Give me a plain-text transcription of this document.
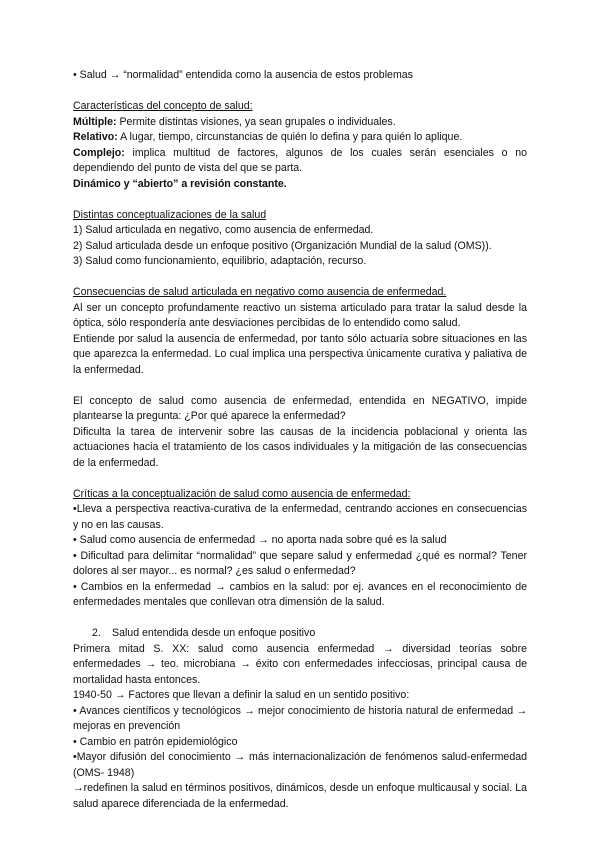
• Salud → “normalidad” entendida como la ausencia de estos problemas

Características del concepto de salud:

Múltiple: Permite distintas visiones, ya sean grupales o individuales.

Relativo: A lugar, tiempo, circunstancias de quién lo defina y para quién lo aplique.

Complejo: implica multitud de factores, algunos de los cuales serán esenciales o no dependiendo del punto de vista del que se parta.

Dinámico y “abierto” a revisión constante.

Distintas conceptualizaciones de la salud

1) Salud articulada en negativo, como ausencia de enfermedad.

2) Salud articulada desde un enfoque positivo (Organización Mundial de la salud (OMS)).

3) Salud como funcionamiento, equilibrio, adaptación, recurso.

Consecuencias de salud articulada en negativo como ausencia de enfermedad.

Al ser un concepto profundamente reactivo un sistema articulado para tratar la salud desde la óptica, sólo respondería ante desviaciones percibidas de lo entendido como salud.

Entiende por salud la ausencia de enfermedad, por tanto sólo actuaría sobre situaciones en las que aparezca la enfermedad. Lo cual implica una perspectiva únicamente curativa y paliativa de la enfermedad.

El concepto de salud como ausencia de enfermedad, entendida en NEGATIVO, impide plantearse la pregunta: ¿Por qué aparece la enfermedad?

Dificulta la tarea de intervenir sobre las causas de la incidencia poblacional y orienta las actuaciones hacia el tratamiento de los casos individuales y la mitigación de las consecuencias de la enfermedad.

Críticas a la conceptualización de salud como ausencia de enfermedad:

•Lleva a perspectiva reactiva-curativa de la enfermedad, centrando acciones en consecuencias y no en las causas.

• Salud como ausencia de enfermedad → no aporta nada sobre qué es la salud

• Dificultad para delimitar “normalidad” que separe salud y enfermedad ¿qué es normal? Tener dolores al ser mayor... es normal? ¿es salud o enfermedad?

• Cambios en la enfermedad → cambios en la salud: por ej. avances en el reconocimiento de enfermedades mentales que conllevan otra dimensión de la salud.

2. Salud entendida desde un enfoque positivo

Primera mitad S. XX: salud como ausencia enfermedad → diversidad teorías sobre enfermedades → teo. microbiana → éxito con enfermedades infecciosas, principal causa de mortalidad hasta entonces.

1940-50 → Factores que llevan a definir la salud en un sentido positivo:

• Avances científicos y tecnológicos → mejor conocimiento de historia natural de enfermedad → mejoras en prevención

• Cambio en patrón epidemiológico

•Mayor difusión del conocimiento → más internacionalización de fenómenos salud-enfermedad (OMS- 1948)

→redefinen la salud en términos positivos, dinámicos, desde un enfoque multicausal y social. La salud aparece diferenciada de la enfermedad.
